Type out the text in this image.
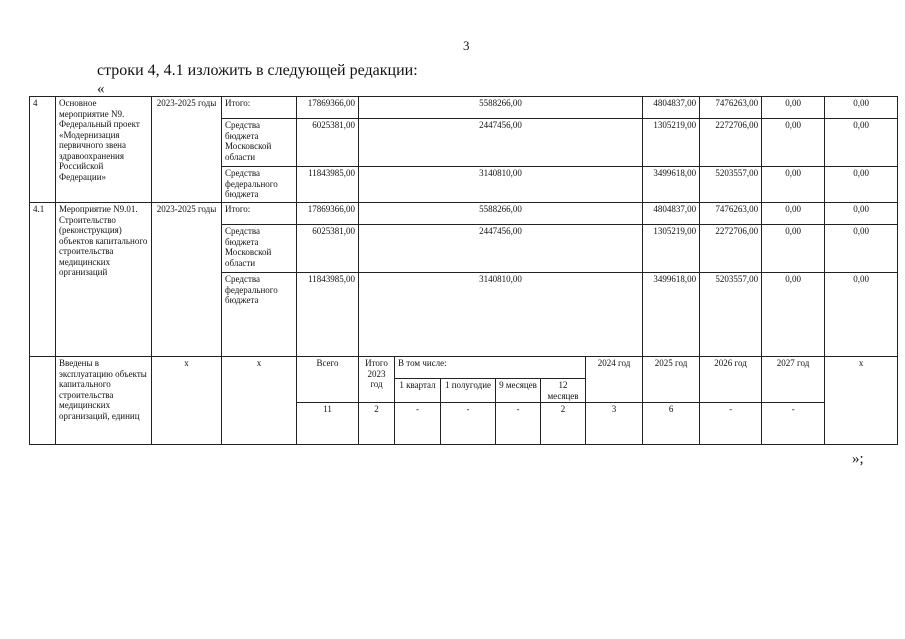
3
строки 4, 4.1 изложить в следующей редакции:
«
4	Основное мероприятие N9. Федеральный проект «Модернизация первичного звена здравоохранения Российской Федерации»	2023-2025 годы	Итого:	17869366,00	5588266,00						4804837,00	7476263,00	0,00	0,00	
			Средства бюджета Московской области	6025381,00	2447456,00						1305219,00	2272706,00	0,00	0,00	
			Средства федерального бюджета	11843985,00	3140810,00						3499618,00	5203557,00	0,00	0,00	
4.1	Мероприятие N9.01. Строительство (реконструкция) объектов капитального строительства медицинских организаций	2023-2025 годы	Итого:	17869366,00	5588266,00						4804837,00	7476263,00	0,00	0,00	
			Средства бюджета Московской области	6025381,00	2447456,00						1305219,00	2272706,00	0,00	0,00	
			Средства федерального бюджета	11843985,00	3140810,00						3499618,00	5203557,00	0,00	0,00	
	Введены в эксплуатацию объекты капитального строительства медицинских организаций, единиц	x	x	Всего	Итого 2023 год	В том числе:				2024 год	2025 год	2026 год	2027 год	x	
						1 квартал	1 полугодие	9 месяцев	12 месяцев						
				11	2	-	-	-	2	3	6	-	-		
»;
